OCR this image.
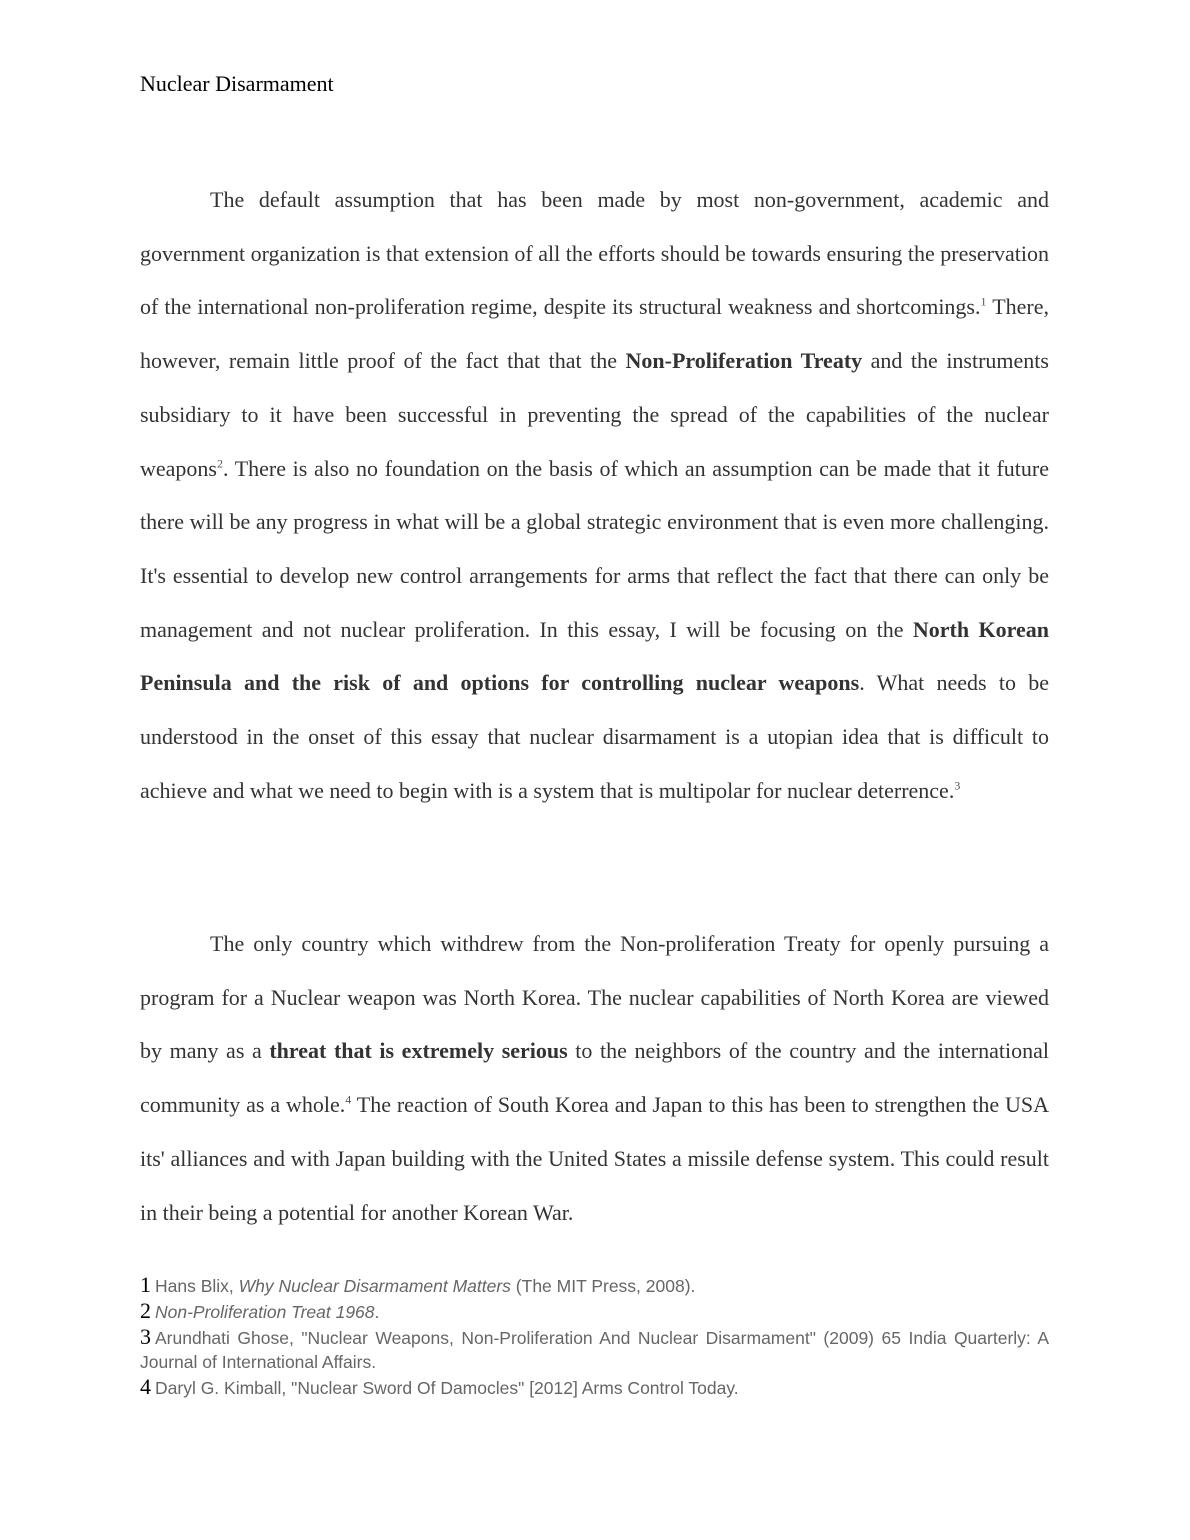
Nuclear Disarmament

The default assumption that has been made by most non-government, academic and government organization is that extension of all the efforts should be towards ensuring the preservation of the international non-proliferation regime, despite its structural weakness and shortcomings.$^1$ There, however, remain little proof of the fact that that the Non-Proliferation Treaty and the instruments subsidiary to it have been successful in preventing the spread of the capabilities of the nuclear weapons$^2$. There is also no foundation on the basis of which an assumption can be made that it future there will be any progress in what will be a global strategic environment that is even more challenging. It's essential to develop new control arrangements for arms that reflect the fact that there can only be management and not nuclear proliferation. In this essay, I will be focusing on the North Korean Peninsula and the risk of and options for controlling nuclear weapons. What needs to be understood in the onset of this essay that nuclear disarmament is a utopian idea that is difficult to achieve and what we need to begin with is a system that is multipolar for nuclear deterrence.$^3$

The only country which withdrew from the Non-proliferation Treaty for openly pursuing a program for a Nuclear weapon was North Korea. The nuclear capabilities of North Korea are viewed by many as a threat that is extremely serious to the neighbors of the country and the international community as a whole.$^4$ The reaction of South Korea and Japan to this has been to strengthen the USA its' alliances and with Japan building with the United States a missile defense system. This could result in their being a potential for another Korean War.

1 Hans Blix, Why Nuclear Disarmament Matters (The MIT Press, 2008).

2 Non-Proliferation Treat 1968.

3 Arundhati Ghose, "Nuclear Weapons, Non-Proliferation And Nuclear Disarmament" (2009) 65 India Quarterly: A Journal of International Affairs.

4 Daryl G. Kimball, "Nuclear Sword Of Damocles" [2012] Arms Control Today.
